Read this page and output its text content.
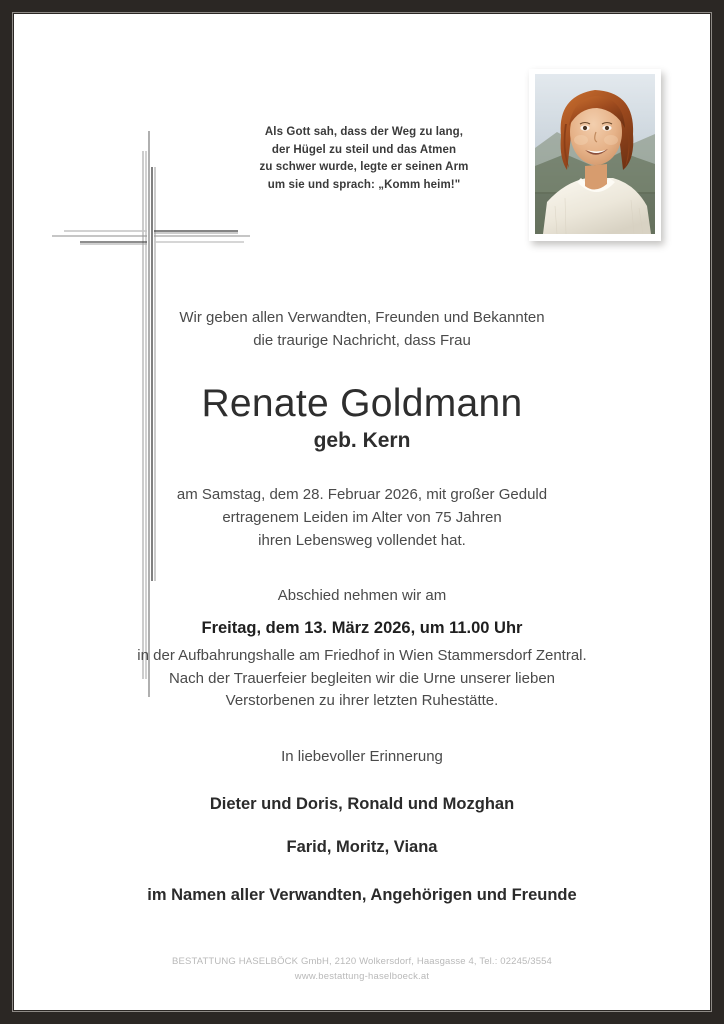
Als Gott sah, dass der Weg zu lang,
der Hügel zu steil und das Atmen
zu schwer wurde, legte er seinen Arm
um sie und sprach: „Komm heim!"
Wir geben allen Verwandten, Freunden und Bekannten
die traurige Nachricht, dass Frau
Renate Goldmann
geb. Kern
am Samstag, dem 28. Februar 2026, mit großer Geduld
ertragenem Leiden im Alter von 75 Jahren
ihren Lebensweg vollendet hat.
Abschied nehmen wir am
Freitag, dem 13. März 2026, um 11.00 Uhr
in der Aufbahrungshalle am Friedhof in Wien Stammersdorf Zentral.
Nach der Trauerfeier begleiten wir die Urne unserer lieben
Verstorbenen zu ihrer letzten Ruhestätte.
In liebevoller Erinnerung
Dieter und Doris, Ronald und Mozghan
Farid, Moritz, Viana
im Namen aller Verwandten, Angehörigen und Freunde
BESTATTUNG HASELBÖCK GmbH, 2120 Wolkersdorf, Haasgasse 4, Tel.: 02245/3554
www.bestattung-haselboeck.at
